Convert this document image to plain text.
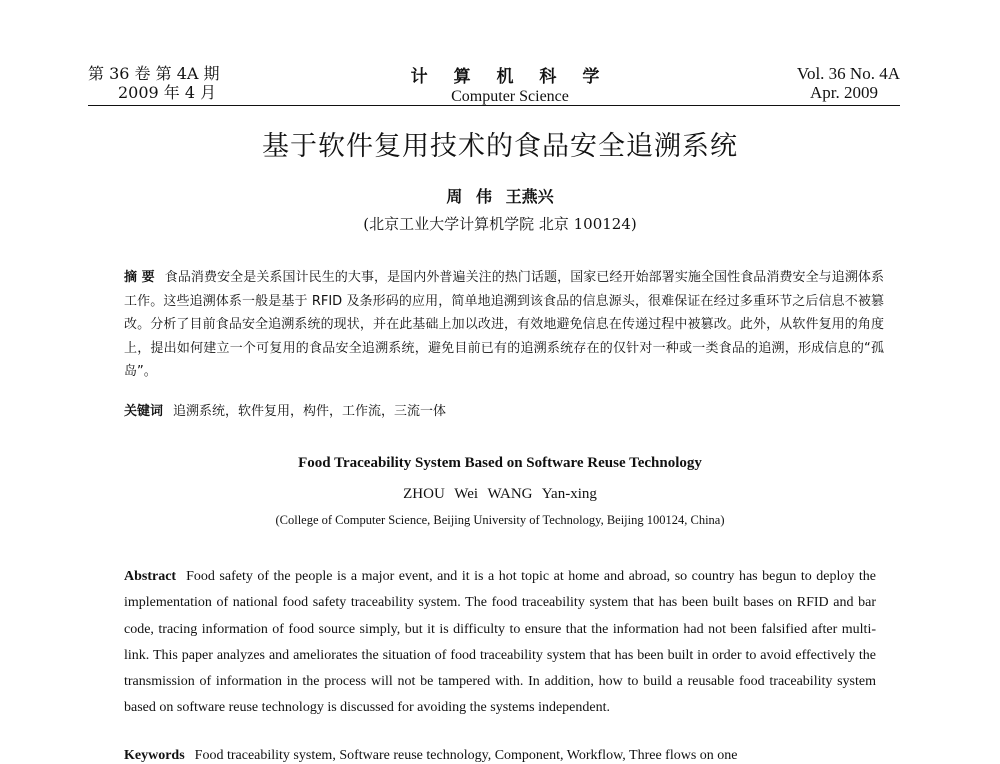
第 36 卷 第 4A 期
2009 年 4 月
计 算 机 科 学
Computer Science
Vol. 36 No. 4A
Apr. 2009
基于软件复用技术的食品安全追溯系统
周 伟 王燕兴
(北京工业大学计算机学院 北京 100124)
摘 要 食品消费安全是关系国计民生的大事，是国内外普遍关注的热门话题，国家已经开始部署实施全国性食品消费安全与追溯体系工作。这些追溯体系一般是基于 RFID 及条形码的应用，简单地追溯到该食品的信息源头，很难保证在经过多重环节之后信息不被篡改。分析了目前食品安全追溯系统的现状，并在此基础上加以改进，有效地避免信息在传递过程中被篡改。此外，从软件复用的角度上，提出如何建立一个可复用的食品安全追溯系统，避免目前已有的追溯系统存在的仅针对一种或一类食品的追溯，形成信息的“孤岛”。
关键词 追溯系统，软件复用，构件，工作流，三流一体
Food Traceability System Based on Software Reuse Technology
ZHOU Wei WANG Yan-xing
(College of Computer Science, Beijing University of Technology, Beijing 100124, China)
Abstract Food safety of the people is a major event, and it is a hot topic at home and abroad, so country has begun to deploy the implementation of national food safety traceability system. The food traceability system that has been built bases on RFID and bar code, tracing information of food source simply, but it is difficulty to ensure that the information had not been falsified after multi-link. This paper analyzes and ameliorates the situation of food traceability system that has been built in order to avoid effectively the transmission of information in the process will not be tampered with. In addition, how to build a reusable food traceability system based on software reuse technology is discussed for avoiding the systems independent.
Keywords Food traceability system, Software reuse technology, Component, Workflow, Three flows on one
